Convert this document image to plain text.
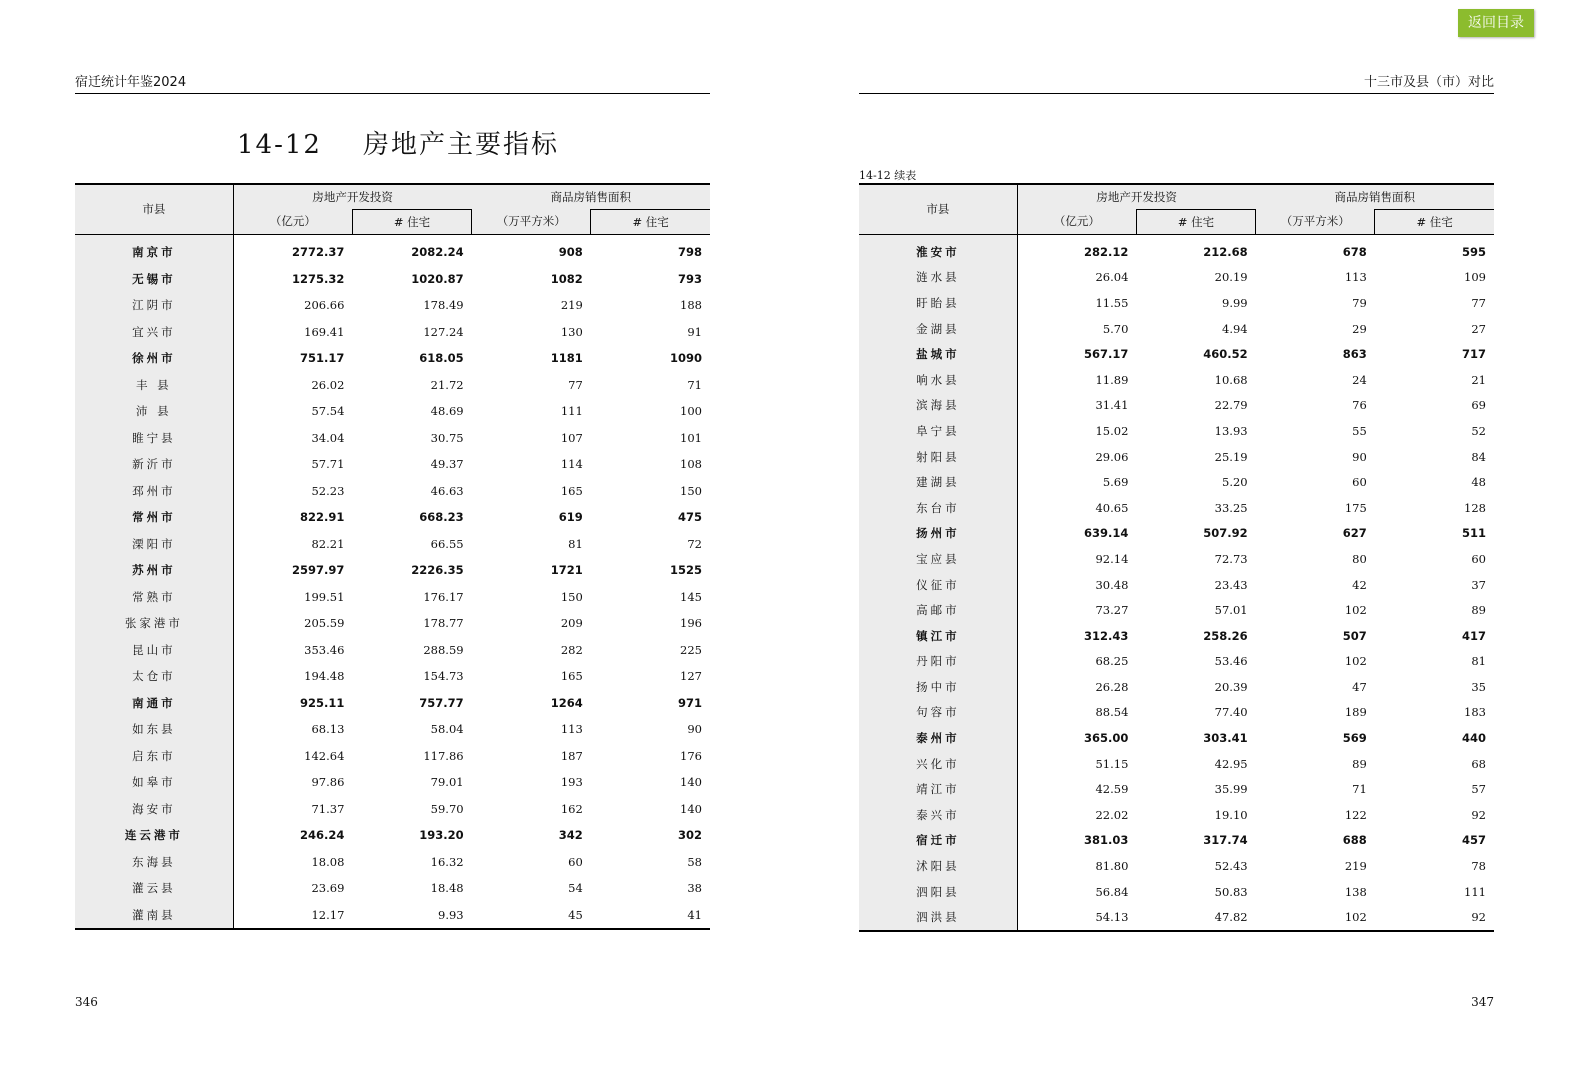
返回目录
宿迁统计年鉴2024
14-12    房地产主要指标
市县	房地产开发投资		商品房销售面积	
	（亿元）	# 住宅	（万平方米）	# 住宅
南京市	2772.37	2082.24	908	798
无锡市	1275.32	1020.87	1082	793
江阴市	206.66	178.49	219	188
宜兴市	169.41	127.24	130	91
徐州市	751.17	618.05	1181	1090
丰 县	26.02	21.72	77	71
沛 县	57.54	48.69	111	100
睢宁县	34.04	30.75	107	101
新沂市	57.71	49.37	114	108
邳州市	52.23	46.63	165	150
常州市	822.91	668.23	619	475
溧阳市	82.21	66.55	81	72
苏州市	2597.97	2226.35	1721	1525
常熟市	199.51	176.17	150	145
张家港市	205.59	178.77	209	196
昆山市	353.46	288.59	282	225
太仓市	194.48	154.73	165	127
南通市	925.11	757.77	1264	971
如东县	68.13	58.04	113	90
启东市	142.64	117.86	187	176
如皋市	97.86	79.01	193	140
海安市	71.37	59.70	162	140
连云港市	246.24	193.20	342	302
东海县	18.08	16.32	60	58
灌云县	23.69	18.48	54	38
灌南县	12.17	9.93	45	41
346
十三市及县（市）对比
14-12 续表
市县	房地产开发投资		商品房销售面积	
	（亿元）	# 住宅	（万平方米）	# 住宅
淮安市	282.12	212.68	678	595
涟水县	26.04	20.19	113	109
盱眙县	11.55	9.99	79	77
金湖县	5.70	4.94	29	27
盐城市	567.17	460.52	863	717
响水县	11.89	10.68	24	21
滨海县	31.41	22.79	76	69
阜宁县	15.02	13.93	55	52
射阳县	29.06	25.19	90	84
建湖县	5.69	5.20	60	48
东台市	40.65	33.25	175	128
扬州市	639.14	507.92	627	511
宝应县	92.14	72.73	80	60
仪征市	30.48	23.43	42	37
高邮市	73.27	57.01	102	89
镇江市	312.43	258.26	507	417
丹阳市	68.25	53.46	102	81
扬中市	26.28	20.39	47	35
句容市	88.54	77.40	189	183
泰州市	365.00	303.41	569	440
兴化市	51.15	42.95	89	68
靖江市	42.59	35.99	71	57
泰兴市	22.02	19.10	122	92
宿迁市	381.03	317.74	688	457
沭阳县	81.80	52.43	219	78
泗阳县	56.84	50.83	138	111
泗洪县	54.13	47.82	102	92
347
